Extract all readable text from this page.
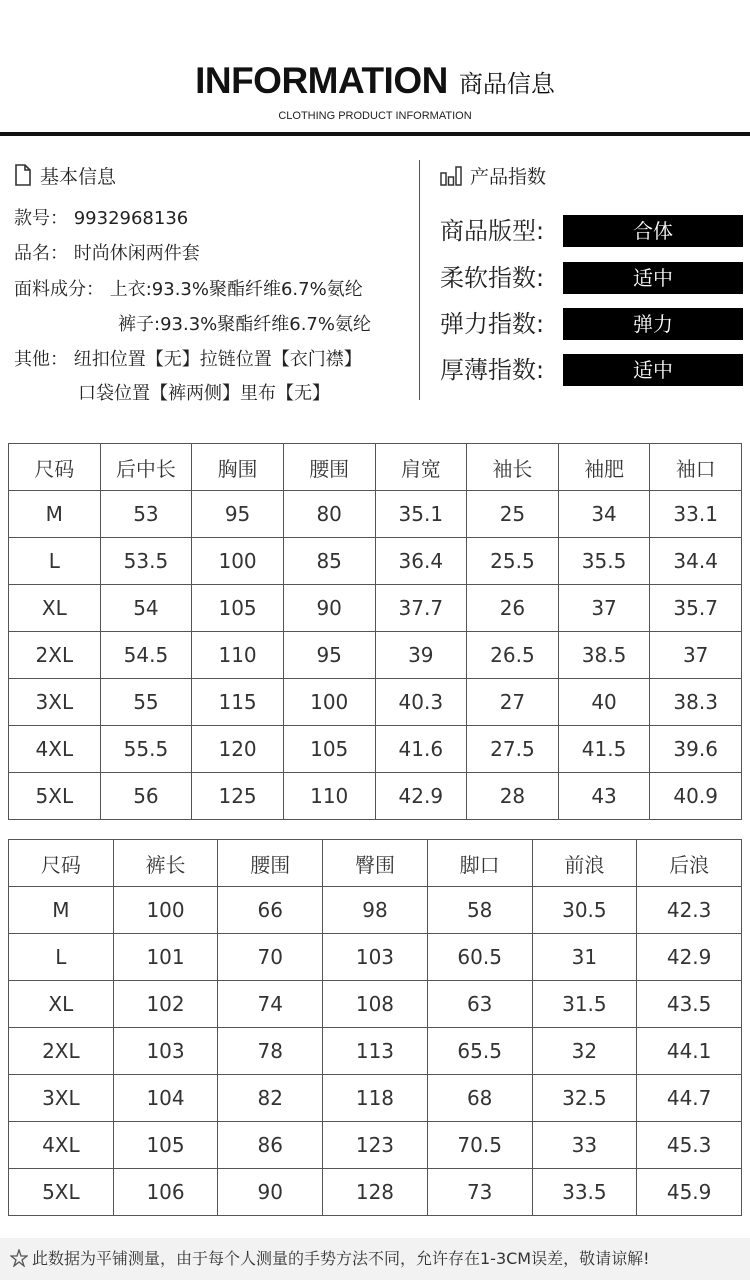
INFORMATION 商品信息
CLOTHING PRODUCT INFORMATION
基本信息
款号： 9932968136
品名： 时尚休闲两件套
面料成分： 上衣:93.3%聚酯纤维6.7%氨纶
裤子:93.3%聚酯纤维6.7%氨纶
其他： 纽扣位置【无】拉链位置【衣门襟】
口袋位置【裤两侧】里布【无】
产品指数
商品版型:	合体
柔软指数:	适中
弹力指数:	弹力
厚薄指数:	适中
尺码	后中长	胸围	腰围	肩宽	袖长	袖肥	袖口
M	53	95	80	35.1	25	34	33.1
L	53.5	100	85	36.4	25.5	35.5	34.4
XL	54	105	90	37.7	26	37	35.7
2XL	54.5	110	95	39	26.5	38.5	37
3XL	55	115	100	40.3	27	40	38.3
4XL	55.5	120	105	41.6	27.5	41.5	39.6
5XL	56	125	110	42.9	28	43	40.9
尺码	裤长	腰围	臀围	脚口	前浪	后浪
M	100	66	98	58	30.5	42.3
L	101	70	103	60.5	31	42.9
XL	102	74	108	63	31.5	43.5
2XL	103	78	113	65.5	32	44.1
3XL	104	82	118	68	32.5	44.7
4XL	105	86	123	70.5	33	45.3
5XL	106	90	128	73	33.5	45.9
此数据为平铺测量，由于每个人测量的手势方法不同，允许存在1-3CM误差，敬请谅解!
